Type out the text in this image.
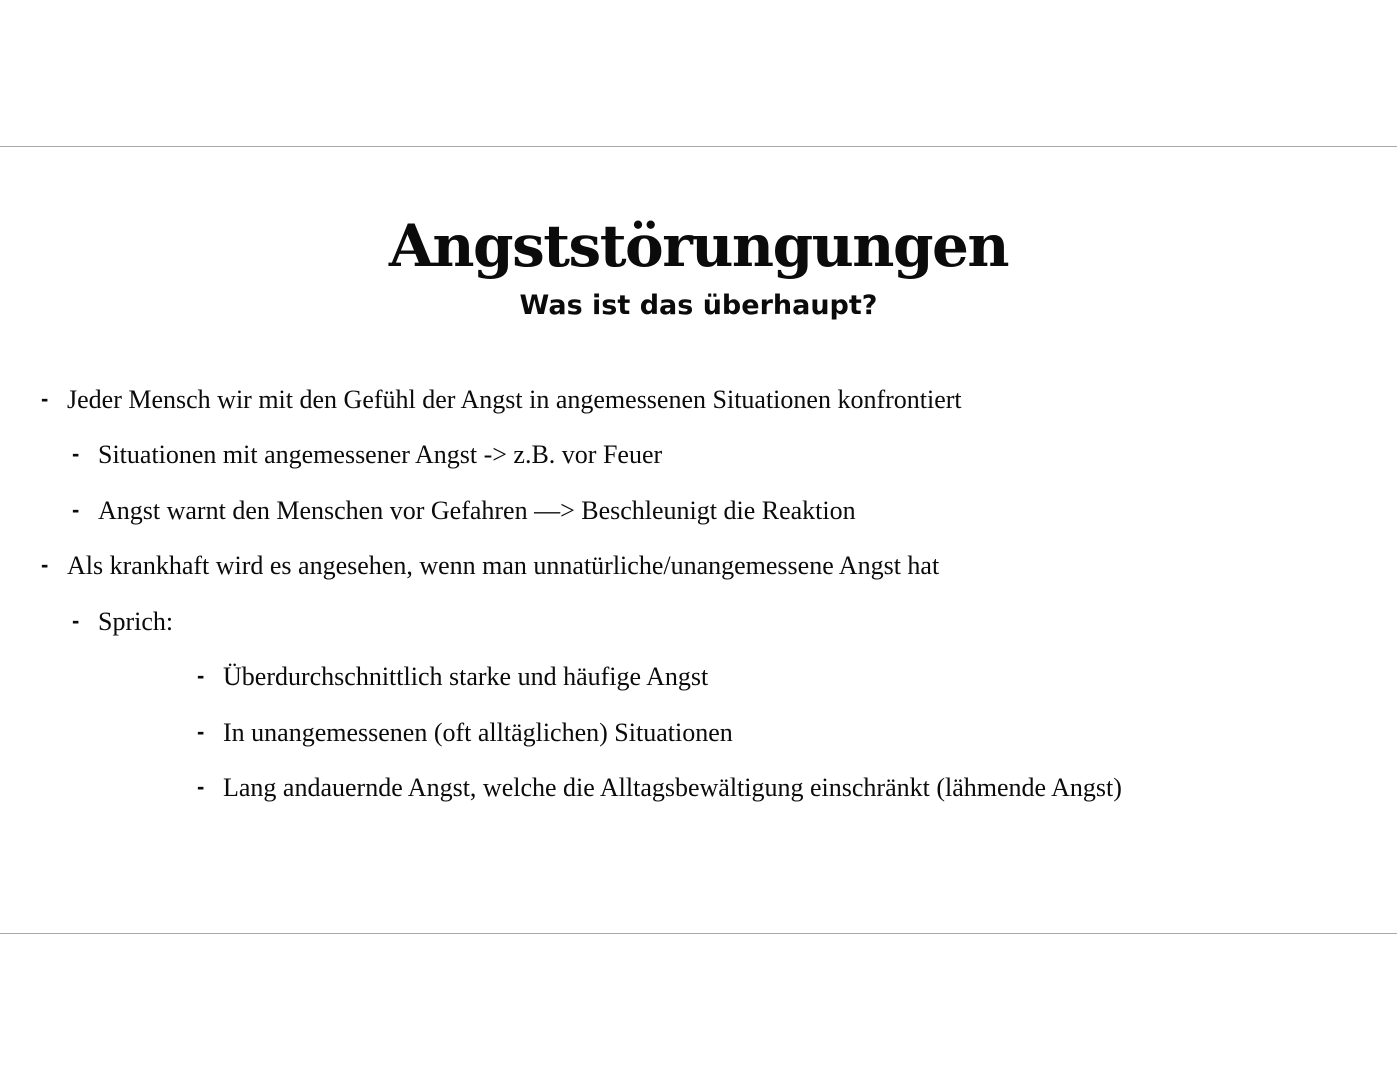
Angststörungungen
Was ist das überhaupt?
- Jeder Mensch wir mit den Gefühl der Angst in angemessenen Situationen konfrontiert
- Situationen mit angemessener Angst -> z.B. vor Feuer
- Angst warnt den Menschen vor Gefahren —> Beschleunigt die Reaktion
- Als krankhaft wird es angesehen, wenn man unnatürliche/unangemessene Angst hat
- Sprich:
- Überdurchschnittlich starke und häufige Angst
- In unangemessenen (oft alltäglichen) Situationen
- Lang andauernde Angst, welche die Alltagsbewältigung einschränkt (lähmende Angst)
